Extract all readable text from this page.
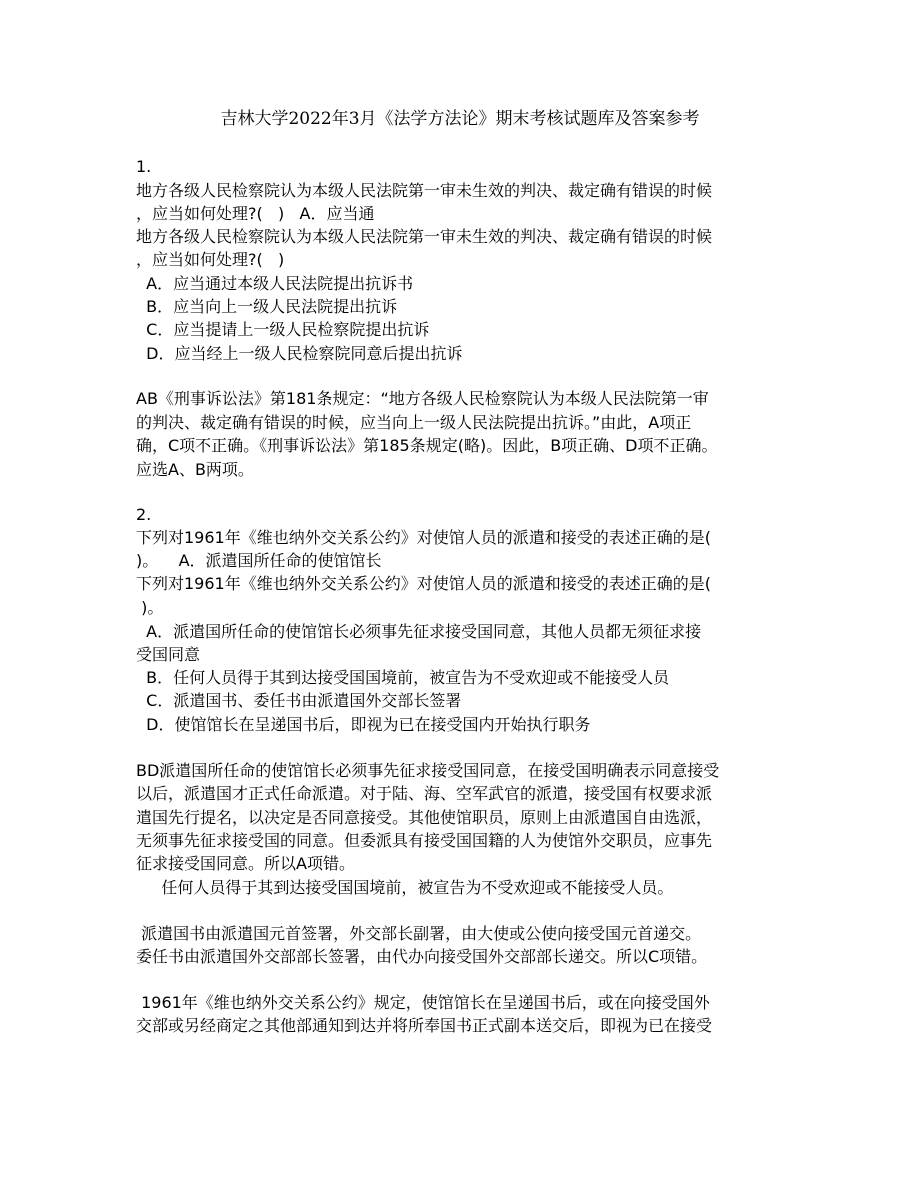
吉林大学2022年3月《法学方法论》期末考核试题库及答案参考
1.
地方各级人民检察院认为本级人民法院第一审未生效的判决、裁定确有错误的时候
，应当如何处理?(   )   A．应当通
地方各级人民检察院认为本级人民法院第一审未生效的判决、裁定确有错误的时候
，应当如何处理?(   )
A．应当通过本级人民法院提出抗诉书
B．应当向上一级人民法院提出抗诉
C．应当提请上一级人民检察院提出抗诉
D．应当经上一级人民检察院同意后提出抗诉
AB《刑事诉讼法》第181条规定：“地方各级人民检察院认为本级人民法院第一审
的判决、裁定确有错误的时候，应当向上一级人民法院提出抗诉。”由此，A项正
确，C项不正确。《刑事诉讼法》第185条规定(略)。因此，B项正确、D项不正确。
应选A、B两项。
2.
下列对1961年《维也纳外交关系公约》对使馆人员的派遣和接受的表述正确的是(
)。    A．派遣国所任命的使馆馆长
下列对1961年《维也纳外交关系公约》对使馆人员的派遣和接受的表述正确的是(
)。
A．派遣国所任命的使馆馆长必须事先征求接受国同意，其他人员都无须征求接
受国同意
B．任何人员得于其到达接受国国境前，被宣告为不受欢迎或不能接受人员
C．派遣国书、委任书由派遣国外交部长签署
D．使馆馆长在呈递国书后，即视为已在接受国内开始执行职务
BD派遣国所任命的使馆馆长必须事先征求接受国同意，在接受国明确表示同意接受
以后，派遣国才正式任命派遣。对于陆、海、空军武官的派遣，接受国有权要求派
遣国先行提名，以决定是否同意接受。其他使馆职员，原则上由派遣国自由选派，
无须事先征求接受国的同意。但委派具有接受国国籍的人为使馆外交职员，应事先
征求接受国同意。所以A项错。
任何人员得于其到达接受国国境前，被宣告为不受欢迎或不能接受人员。
派遣国书由派遣国元首签署，外交部长副署，由大使或公使向接受国元首递交。
委任书由派遣国外交部部长签署，由代办向接受国外交部部长递交。所以C项错。
1961年《维也纳外交关系公约》规定，使馆馆长在呈递国书后，或在向接受国外
交部或另经商定之其他部通知到达并将所奉国书正式副本送交后，即视为已在接受
